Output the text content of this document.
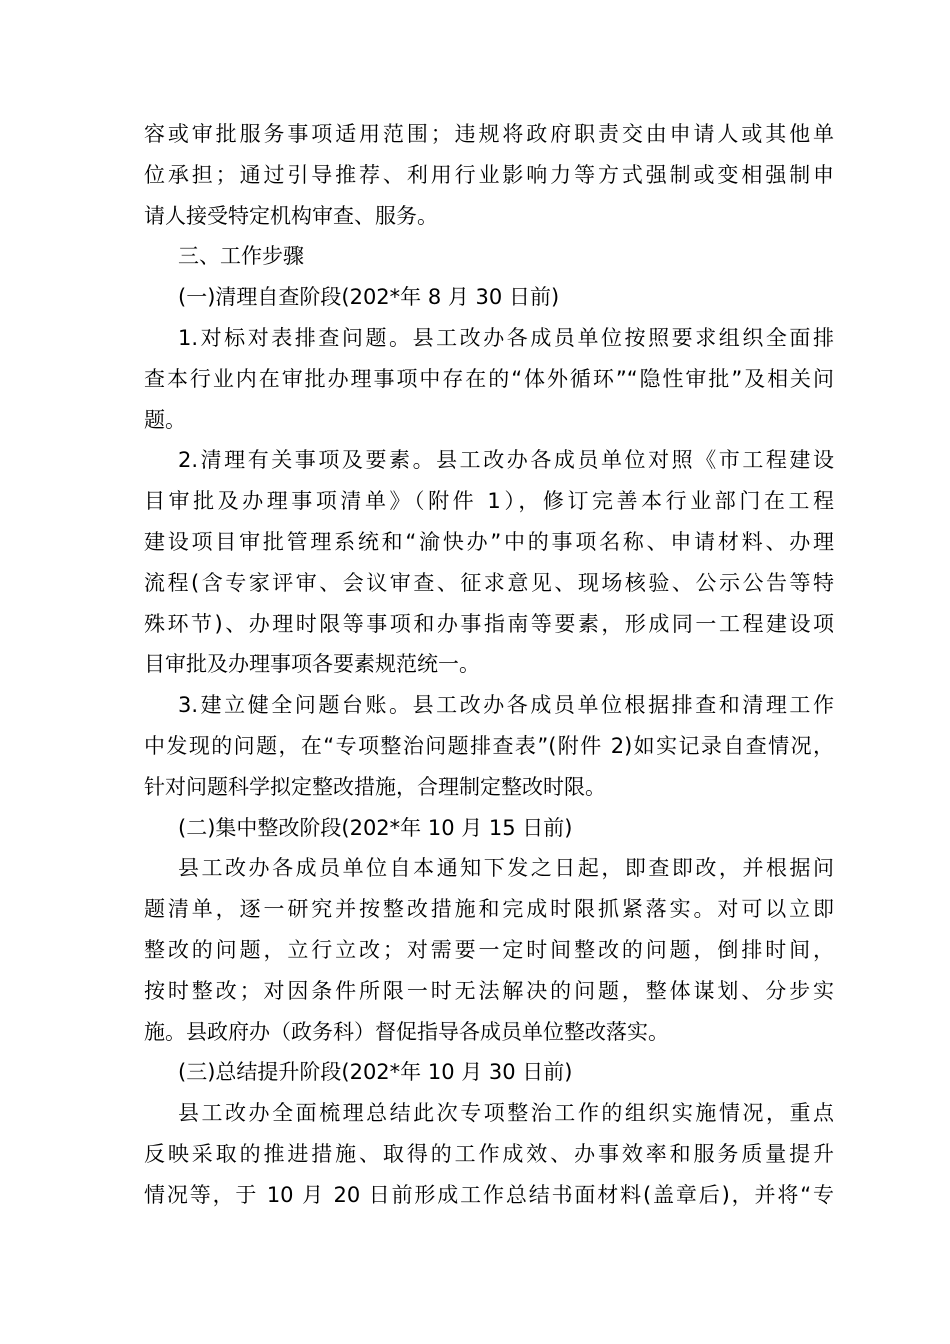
容或审批服务事项适用范围；违规将政府职责交由申请人或其他单
位承担；通过引导推荐、利用行业影响力等方式强制或变相强制申
请人接受特定机构审查、服务。
三、工作步骤
(一)清理自查阶段(202*年 8 月 30 日前)
1.对标对表排查问题。县工改办各成员单位按照要求组织全面排
查本行业内在审批办理事项中存在的“体外循环”“隐性审批”及相关问
题。
2.清理有关事项及要素。县工改办各成员单位对照《市工程建设
目审批及办理事项清单》（附件 1），修订完善本行业部门在工程
建设项目审批管理系统和“渝快办”中的事项名称、申请材料、办理
流程(含专家评审、会议审查、征求意见、现场核验、公示公告等特
殊环节)、办理时限等事项和办事指南等要素，形成同一工程建设项
目审批及办理事项各要素规范统一。
3.建立健全问题台账。县工改办各成员单位根据排查和清理工作
中发现的问题，在“专项整治问题排查表”(附件 2)如实记录自查情况，
针对问题科学拟定整改措施，合理制定整改时限。
(二)集中整改阶段(202*年 10 月 15 日前)
县工改办各成员单位自本通知下发之日起，即查即改，并根据问
题清单，逐一研究并按整改措施和完成时限抓紧落实。对可以立即
整改的问题，立行立改；对需要一定时间整改的问题，倒排时间，
按时整改；对因条件所限一时无法解决的问题，整体谋划、分步实
施。县政府办（政务科）督促指导各成员单位整改落实。
(三)总结提升阶段(202*年 10 月 30 日前)
县工改办全面梳理总结此次专项整治工作的组织实施情况，重点
反映采取的推进措施、取得的工作成效、办事效率和服务质量提升
情况等，于 10 月 20 日前形成工作总结书面材料(盖章后)，并将“专
